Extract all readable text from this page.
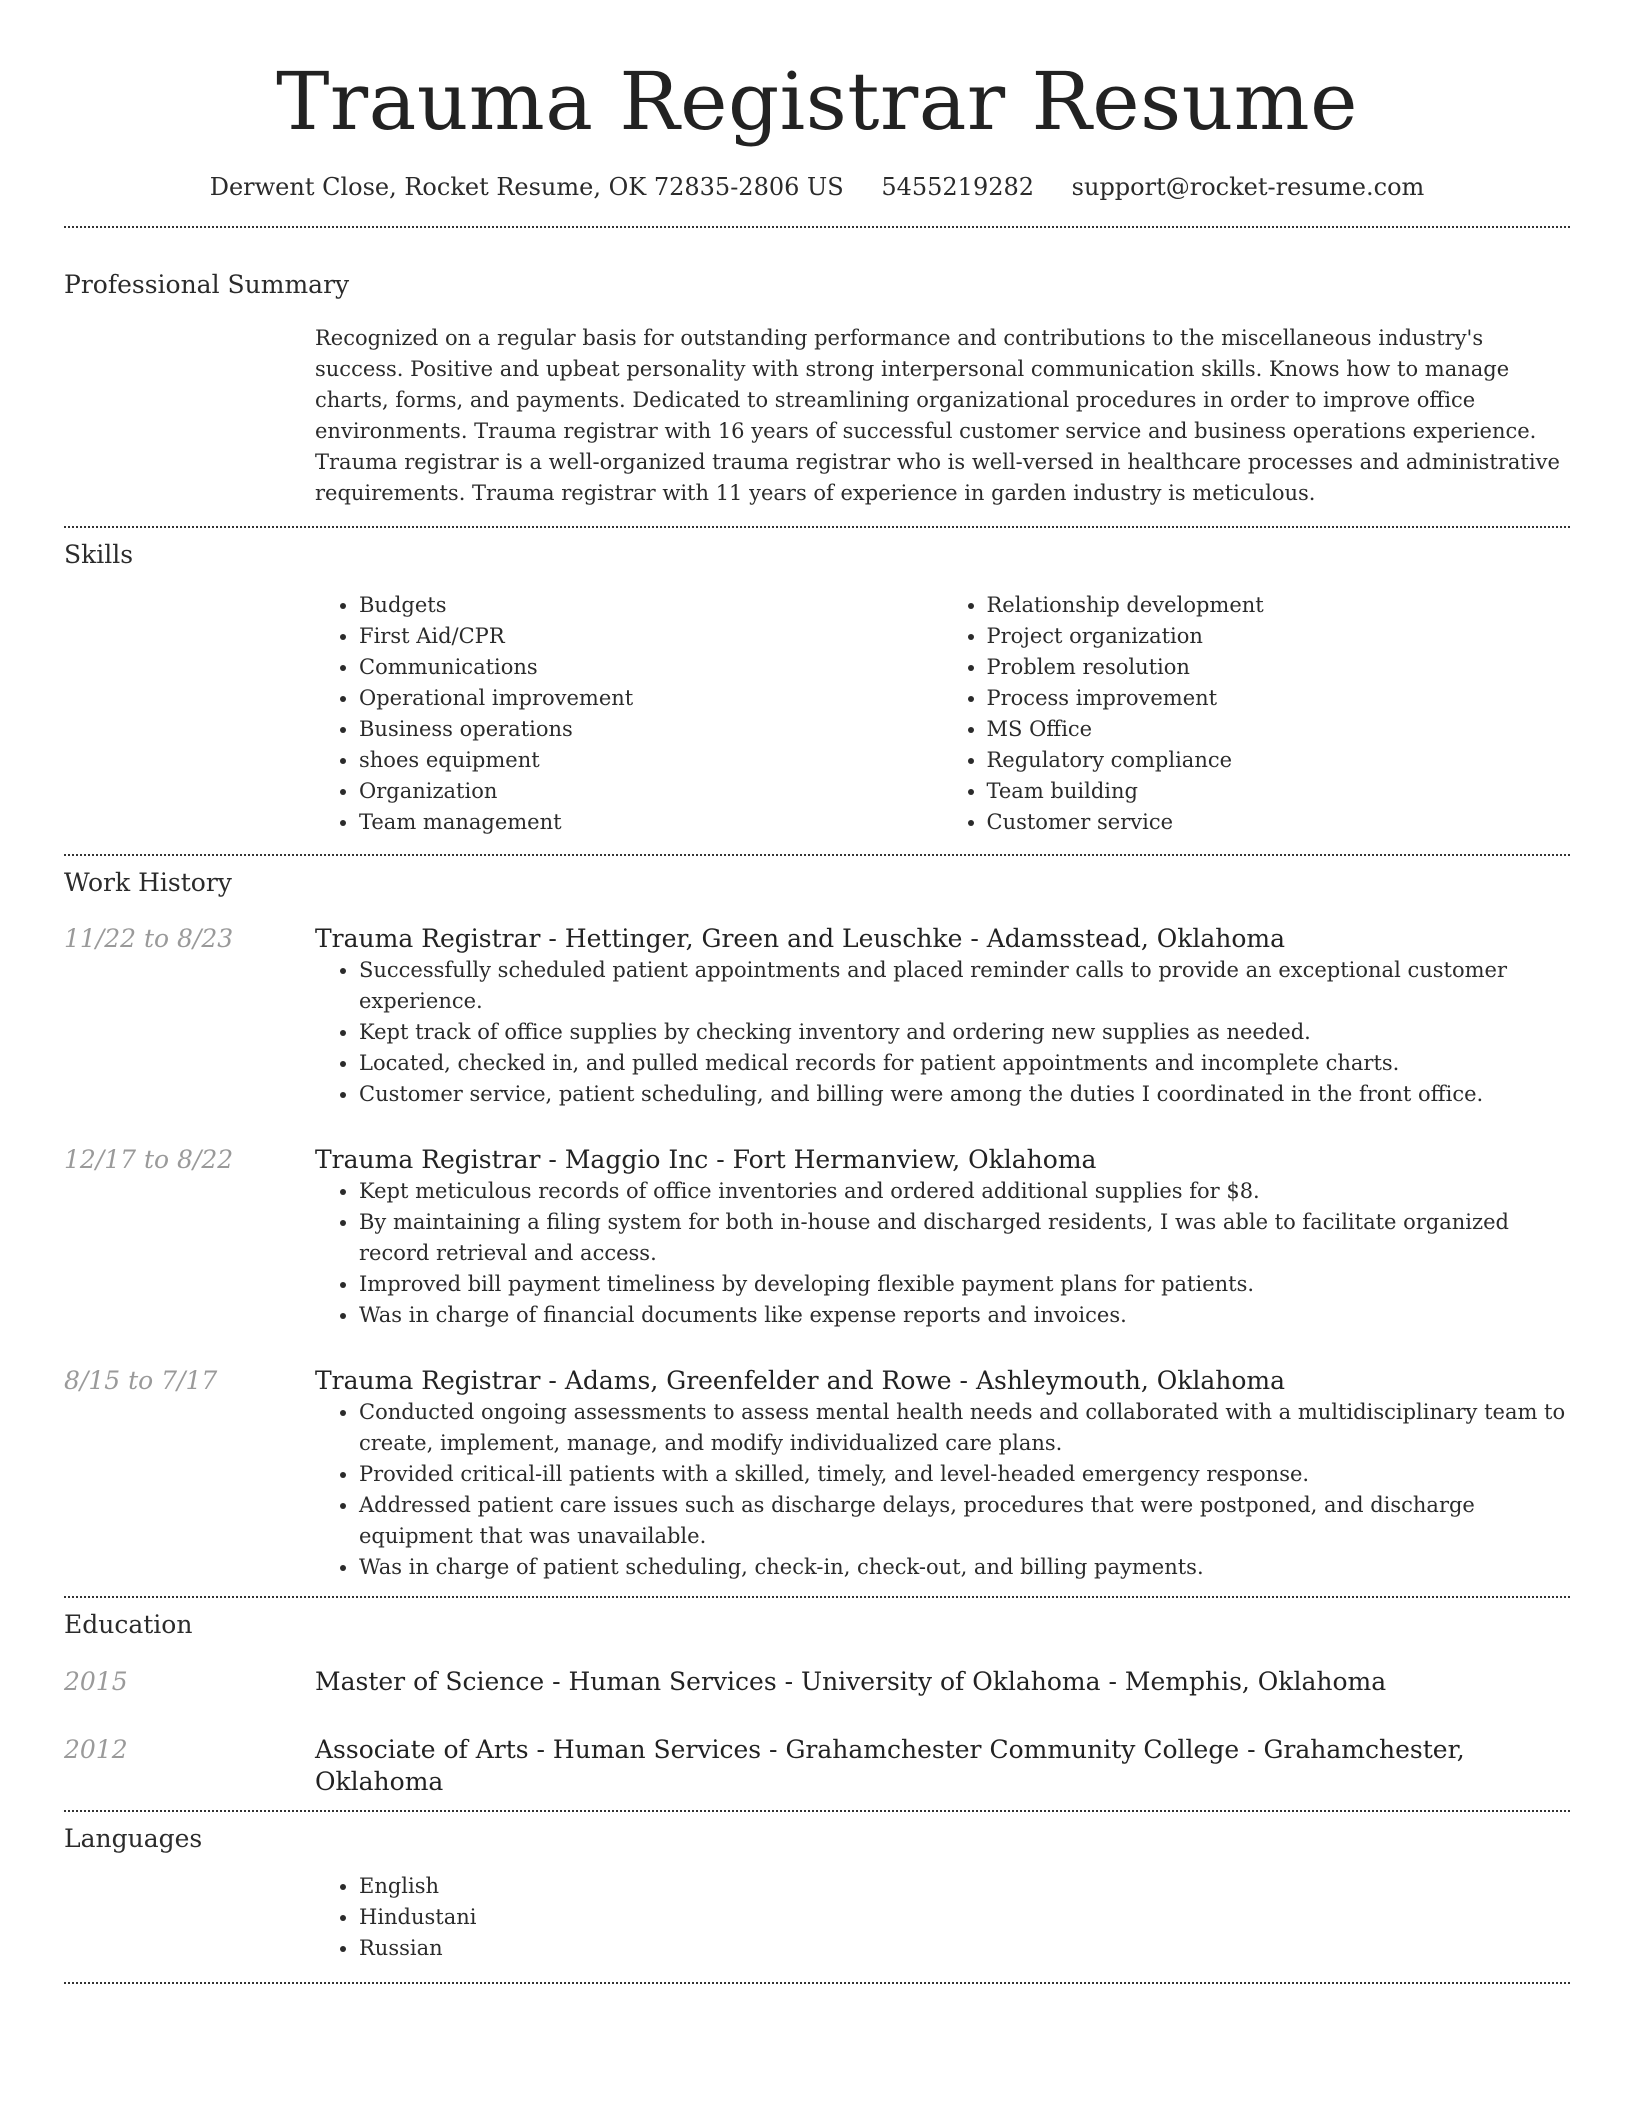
Trauma Registrar Resume
Derwent Close, Rocket Resume, OK 72835-2806 US 5455219282 support@rocket-resume.com
Professional Summary
Recognized on a regular basis for outstanding performance and contributions to the miscellaneous industry's success. Positive and upbeat personality with strong interpersonal communication skills. Knows how to manage charts, forms, and payments. Dedicated to streamlining organizational procedures in order to improve office environments. Trauma registrar with 16 years of successful customer service and business operations experience. Trauma registrar is a well-organized trauma registrar who is well-versed in healthcare processes and administrative requirements. Trauma registrar with 11 years of experience in garden industry is meticulous.
Skills
• Budgets
• First Aid/CPR
• Communications
• Operational improvement
• Business operations
• shoes equipment
• Organization
• Team management
• Relationship development
• Project organization
• Problem resolution
• Process improvement
• MS Office
• Regulatory compliance
• Team building
• Customer service
Work History
11/22 to 8/23	Trauma Registrar - Hettinger, Green and Leuschke - Adamsstead, Oklahoma
• Successfully scheduled patient appointments and placed reminder calls to provide an exceptional customer experience.
• Kept track of office supplies by checking inventory and ordering new supplies as needed.
• Located, checked in, and pulled medical records for patient appointments and incomplete charts.
• Customer service, patient scheduling, and billing were among the duties I coordinated in the front office.
12/17 to 8/22	Trauma Registrar - Maggio Inc - Fort Hermanview, Oklahoma
• Kept meticulous records of office inventories and ordered additional supplies for $8.
• By maintaining a filing system for both in-house and discharged residents, I was able to facilitate organized record retrieval and access.
• Improved bill payment timeliness by developing flexible payment plans for patients.
• Was in charge of financial documents like expense reports and invoices.
8/15 to 7/17	Trauma Registrar - Adams, Greenfelder and Rowe - Ashleymouth, Oklahoma
• Conducted ongoing assessments to assess mental health needs and collaborated with a multidisciplinary team to create, implement, manage, and modify individualized care plans.
• Provided critical-ill patients with a skilled, timely, and level-headed emergency response.
• Addressed patient care issues such as discharge delays, procedures that were postponed, and discharge equipment that was unavailable.
• Was in charge of patient scheduling, check-in, check-out, and billing payments.
Education
2015	Master of Science - Human Services - University of Oklahoma - Memphis, Oklahoma
2012	Associate of Arts - Human Services - Grahamchester Community College - Grahamchester, Oklahoma
Languages
• English
• Hindustani
• Russian
